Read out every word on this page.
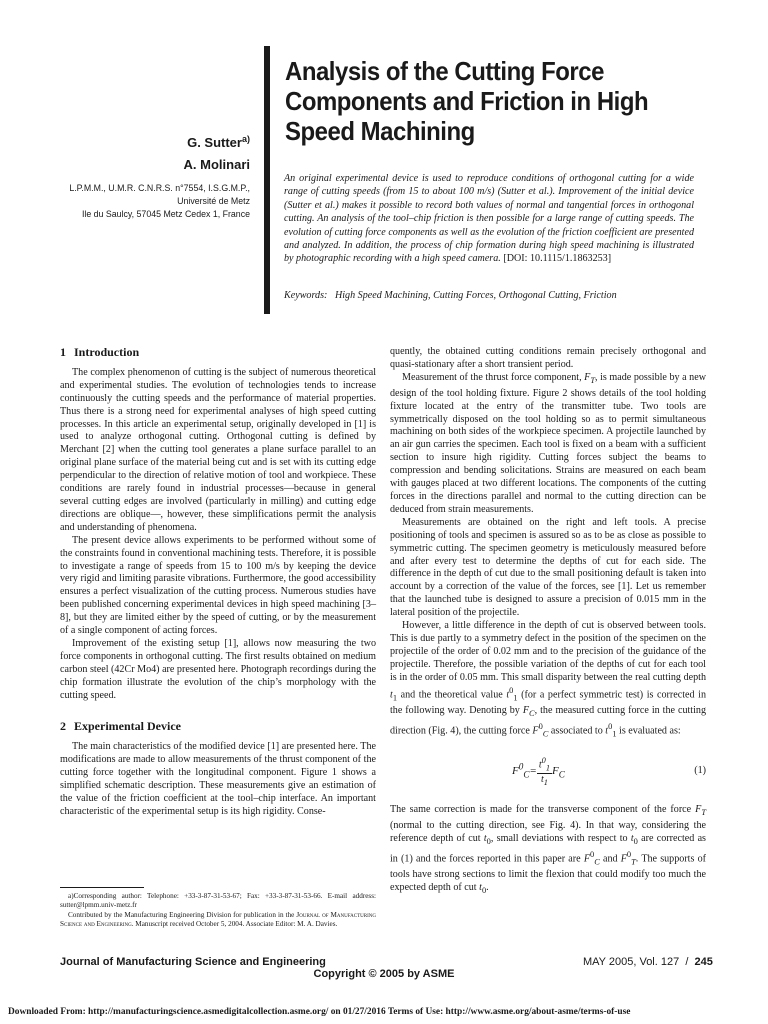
G. Sutter$^{a)}$
A. Molinari
L.P.M.M., U.M.R. C.N.R.S. n°7554, I.S.G.M.P.,
Université de Metz
Ile du Saulcy, 57045 Metz Cedex 1, France
Analysis of the Cutting Force
Components and Friction in High
Speed Machining
An original experimental device is used to reproduce conditions of orthogonal cutting for a wide range of cutting speeds (from 15 to about 100 m/s) (Sutter et al.). Improvement of the initial device (Sutter et al.) makes it possible to record both values of normal and tangential forces in orthogonal cutting. An analysis of the tool–chip friction is then possible for a large range of cutting speeds. The evolution of cutting force components as well as the evolution of the friction coefficient are presented and analyzed. In addition, the process of chip formation during high speed machining is illustrated by photographic recording with a high speed camera. [DOI: 10.1115/1.1863253]
Keywords: High Speed Machining, Cutting Forces, Orthogonal Cutting, Friction
1 Introduction

The complex phenomenon of cutting is the subject of numerous theoretical and experimental studies. The evolution of technologies tends to increase continuously the cutting speeds and the performance of material properties. Thus there is a strong need for experimental analyses of high speed cutting processes. In this article an experimental setup, originally developed in [1] is used to analyze orthogonal cutting. Orthogonal cutting is defined by Merchant [2] when the cutting tool generates a plane surface parallel to an original plane surface of the material being cut and is set with its cutting edge perpendicular to the direction of relative motion of tool and workpiece. These conditions are rarely found in industrial processes—because in general several cutting edges are involved (particularly in milling) and cutting edge directions are oblique—, however, these simplifications permit the analysis and understanding of phenomena.

The present device allows experiments to be performed without some of the constraints found in conventional machining tests. Therefore, it is possible to investigate a range of speeds from 15 to 100 m/s by keeping the device very rigid and limiting parasite vibrations. Furthermore, the good accessibility ensures a perfect visualization of the cutting process. Numerous studies have been published concerning experimental devices in high speed machining [3–8], but they are limited either by the speed of cutting, or by the measurement of a single component of acting forces.

Improvement of the existing setup [1], allows now measuring the two force components in orthogonal cutting. The first results obtained on medium carbon steel (42Cr Mo4) are presented here. Photograph recordings during the chip formation illustrate the evolution of the chip’s morphology with the cutting speed.

2 Experimental Device

The main characteristics of the modified device [1] are presented here. The modifications are made to allow measurements of the thrust component of the cutting force together with the longitudinal component. Figure 1 shows a simplified schematic description. These measurements give an estimation of the value of the friction coefficient at the tool–chip interface. An important characteristic of the experimental setup is its high rigidity. Conse-

quently, the obtained cutting conditions remain precisely orthogonal and quasi-stationary after a short transient period.

Measurement of the thrust force component, $F_T$, is made possible by a new design of the tool holding fixture. Figure 2 shows details of the tool holding fixture located at the entry of the transmitter tube. Two tools are symmetrically disposed on the tool holding so as to permit simultaneous machining on both sides of the workpiece specimen. A projectile launched by an air gun carries the specimen. Each tool is fixed on a beam with a sufficient section to insure high rigidity. Cutting forces subject the beams to compression and bending solicitations. Strains are measured on each beam with gauges placed at two different locations. The components of the cutting forces in the directions parallel and normal to the cutting direction can be deduced from strain measurements.

Measurements are obtained on the right and left tools. A precise positioning of tools and specimen is assured so as to be as close as possible to symmetric cutting. The specimen geometry is meticulously measured before and after every test to determine the depths of cut for each side. The difference in the depth of cut due to the small positioning default is taken into account by a correction of the value of the forces, see [1]. Let us remember that the launched tube is designed to assure a precision of 0.015 mm in the lateral position of the projectile.

However, a little difference in the depth of cut is observed between tools. This is due partly to a symmetry defect in the position of the specimen on the projectile of the order of 0.02 mm and to the precision of the guidance of the projectile. Therefore, the possible variation of the depths of cut for each tool is in the order of 0.05 mm. This small disparity between the real cutting depth $t_1$ and the theoretical value $t^0_1$ (for a perfect symmetric test) is corrected in the following way. Denoting by $F_C$, the measured cutting force in the cutting direction (Fig. 4), the cutting force $F^0_C$ associated to $t^0_1$ is evaluated as:

$F^0_C= \frac{t^0_1}{t_1} F_C$	(1)

The same correction is made for the transverse component of the force $F_T$ (normal to the cutting direction, see Fig. 4). In that way, considering the reference depth of cut $t_0$, small deviations with respect to $t_0$ are corrected as in (1) and the forces reported in this paper are $F^0_C$ and $F^0_T$. The supports of tools have strong sections to limit the flexion that could modify too much the expected depth of cut $t_0$.

a)Corresponding author: Telephone: +33-3-87-31-53-67; Fax: +33-3-87-31-53-66. E-mail address: sutter@lpmm.univ-metz.fr

Contributed by the Manufacturing Engineering Division for publication in the Journal of Manufacturing Science and Engineering. Manuscript received October 5, 2004. Associate Editor: M. A. Davies.

Journal of Manufacturing Science and Engineering	MAY 2005, Vol. 127 / 245
Copyright © 2005 by ASME
Downloaded From: http://manufacturingscience.asmedigitalcollection.asme.org/ on 01/27/2016 Terms of Use: http://www.asme.org/about-asme/terms-of-use
